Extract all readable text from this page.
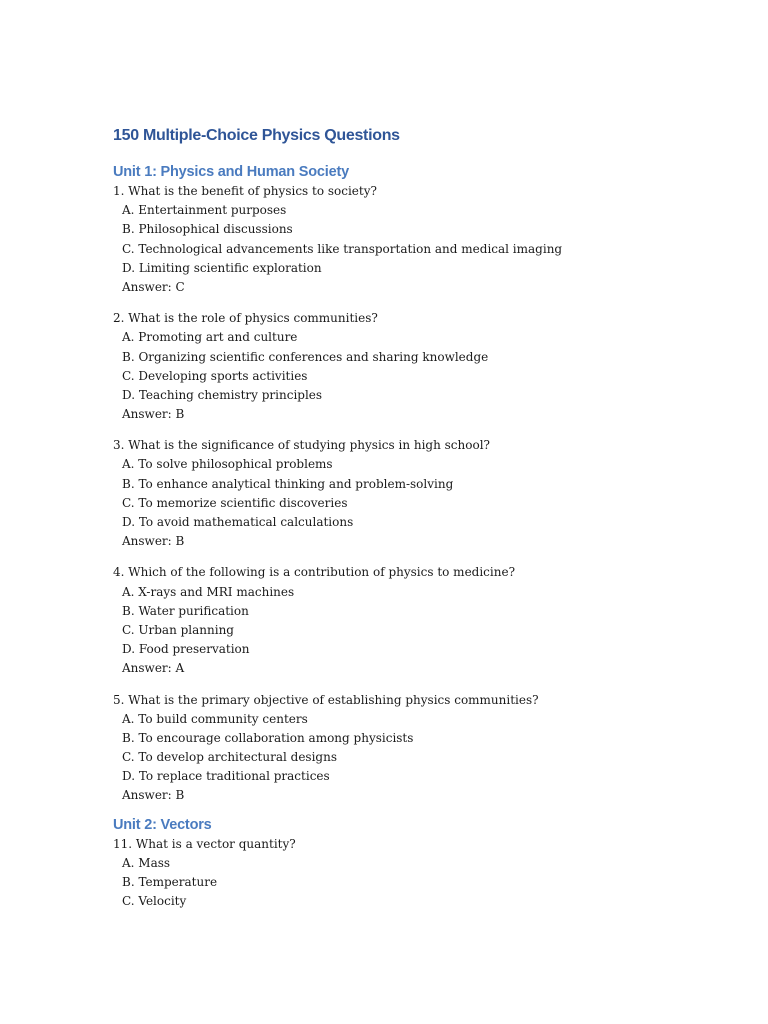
150 Multiple-Choice Physics Questions
Unit 1: Physics and Human Society
1. What is the benefit of physics to society?
A. Entertainment purposes
B. Philosophical discussions
C. Technological advancements like transportation and medical imaging
D. Limiting scientific exploration
Answer: C
2. What is the role of physics communities?
A. Promoting art and culture
B. Organizing scientific conferences and sharing knowledge
C. Developing sports activities
D. Teaching chemistry principles
Answer: B
3. What is the significance of studying physics in high school?
A. To solve philosophical problems
B. To enhance analytical thinking and problem-solving
C. To memorize scientific discoveries
D. To avoid mathematical calculations
Answer: B
4. Which of the following is a contribution of physics to medicine?
A. X-rays and MRI machines
B. Water purification
C. Urban planning
D. Food preservation
Answer: A
5. What is the primary objective of establishing physics communities?
A. To build community centers
B. To encourage collaboration among physicists
C. To develop architectural designs
D. To replace traditional practices
Answer: B
Unit 2: Vectors
11. What is a vector quantity?
A. Mass
B. Temperature
C. Velocity
